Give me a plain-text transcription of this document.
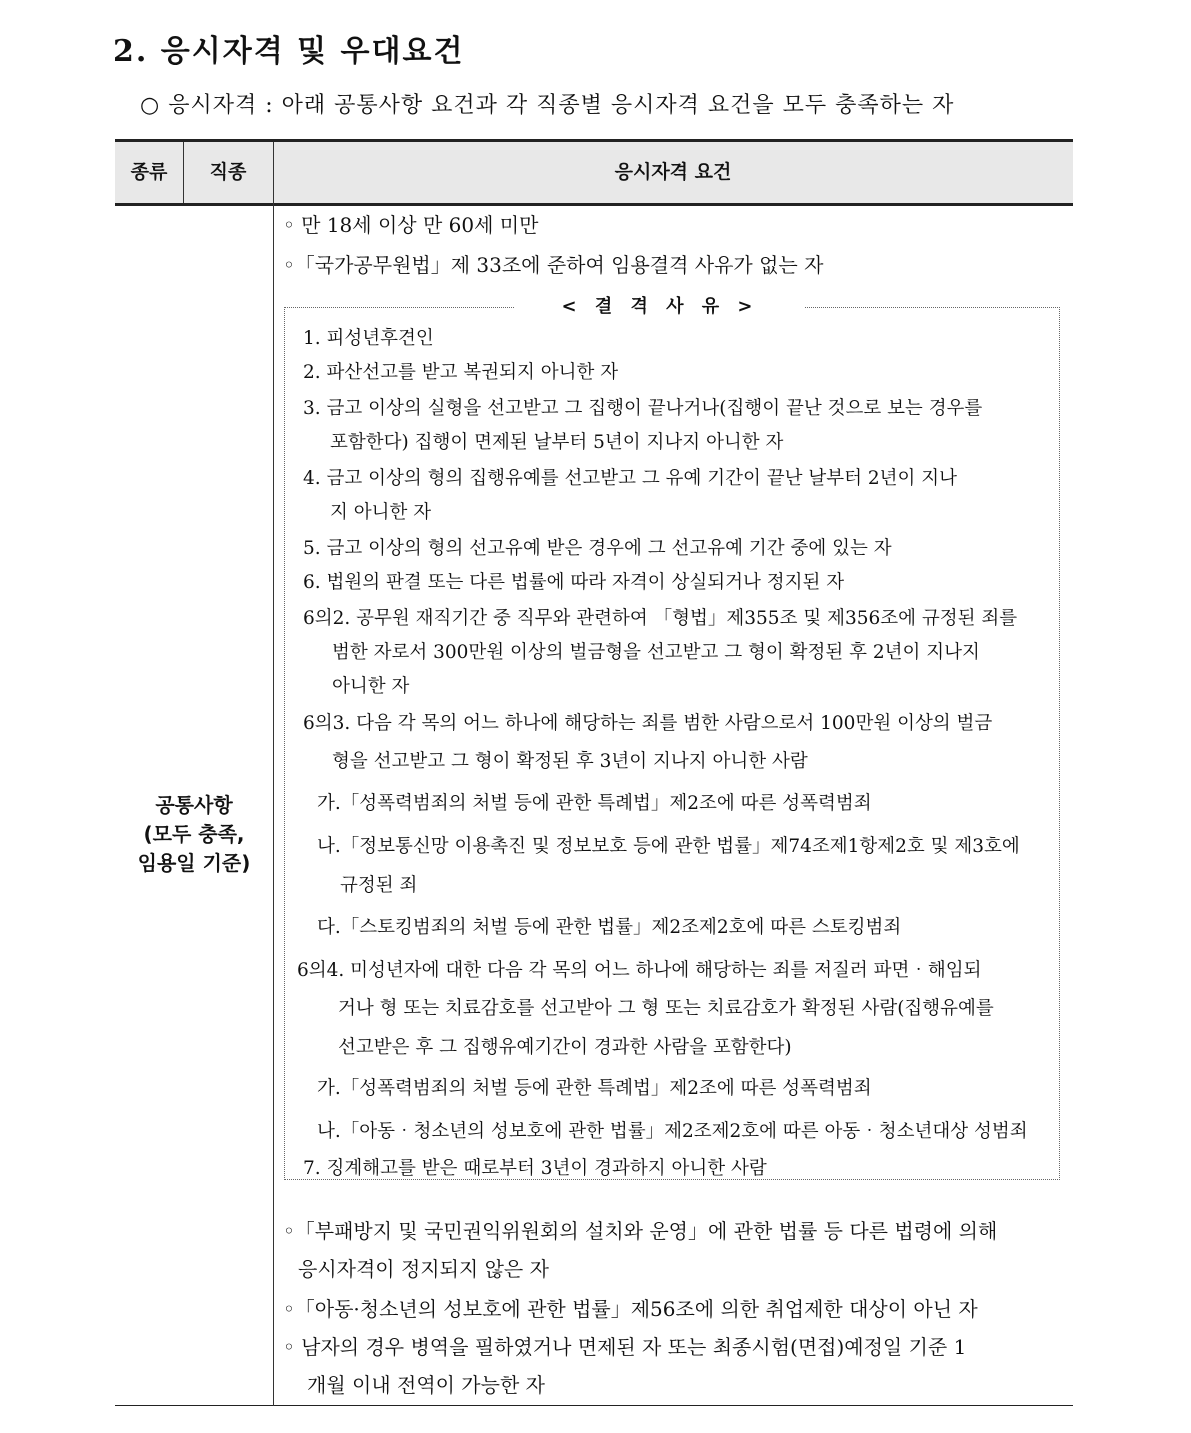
2. 응시자격 및 우대요건
○ 응시자격 : 아래 공통사항 요건과 각 직종별 응시자격 요건을 모두 충족하는 자
종류	직종	응시자격 요건
공통사항
(모두 충족,
임용일 기준)
◦ 만 18세 이상 만 60세 미만
◦「국가공무원법」제 33조에 준하여 임용결격 사유가 없는 자
< 결 격 사 유 >
1. 피성년후견인
2. 파산선고를 받고 복권되지 아니한 자
3. 금고 이상의 실형을 선고받고 그 집행이 끝나거나(집행이 끝난 것으로 보는 경우를
포함한다) 집행이 면제된 날부터 5년이 지나지 아니한 자
4. 금고 이상의 형의 집행유예를 선고받고 그 유예 기간이 끝난 날부터 2년이 지나
지 아니한 자
5. 금고 이상의 형의 선고유예 받은 경우에 그 선고유예 기간 중에 있는 자
6. 법원의 판결 또는 다른 법률에 따라 자격이 상실되거나 정지된 자
6의2. 공무원 재직기간 중 직무와 관련하여 「형법」제355조 및 제356조에 규정된 죄를
범한 자로서 300만원 이상의 벌금형을 선고받고 그 형이 확정된 후 2년이 지나지
아니한 자
6의3. 다음 각 목의 어느 하나에 해당하는 죄를 범한 사람으로서 100만원 이상의 벌금
형을 선고받고 그 형이 확정된 후 3년이 지나지 아니한 사람
가.「성폭력범죄의 처벌 등에 관한 특례법」제2조에 따른 성폭력범죄
나.「정보통신망 이용촉진 및 정보보호 등에 관한 법률」제74조제1항제2호 및 제3호에
규정된 죄
다.「스토킹범죄의 처벌 등에 관한 법률」제2조제2호에 따른 스토킹범죄
6의4. 미성년자에 대한 다음 각 목의 어느 하나에 해당하는 죄를 저질러 파면‧해임되
거나 형 또는 치료감호를 선고받아 그 형 또는 치료감호가 확정된 사람(집행유예를
선고받은 후 그 집행유예기간이 경과한 사람을 포함한다)
가.「성폭력범죄의 처벌 등에 관한 특례법」제2조에 따른 성폭력범죄
나.「아동‧청소년의 성보호에 관한 법률」제2조제2호에 따른 아동‧청소년대상 성범죄
7. 징계해고를 받은 때로부터 3년이 경과하지 아니한 사람
◦「부패방지 및 국민권익위원회의 설치와 운영」에 관한 법률 등 다른 법령에 의해
응시자격이 정지되지 않은 자
◦「아동·청소년의 성보호에 관한 법률」제56조에 의한 취업제한 대상이 아닌 자
◦ 남자의 경우 병역을 필하였거나 면제된 자 또는 최종시험(면접)예정일 기준 1
개월 이내 전역이 가능한 자
